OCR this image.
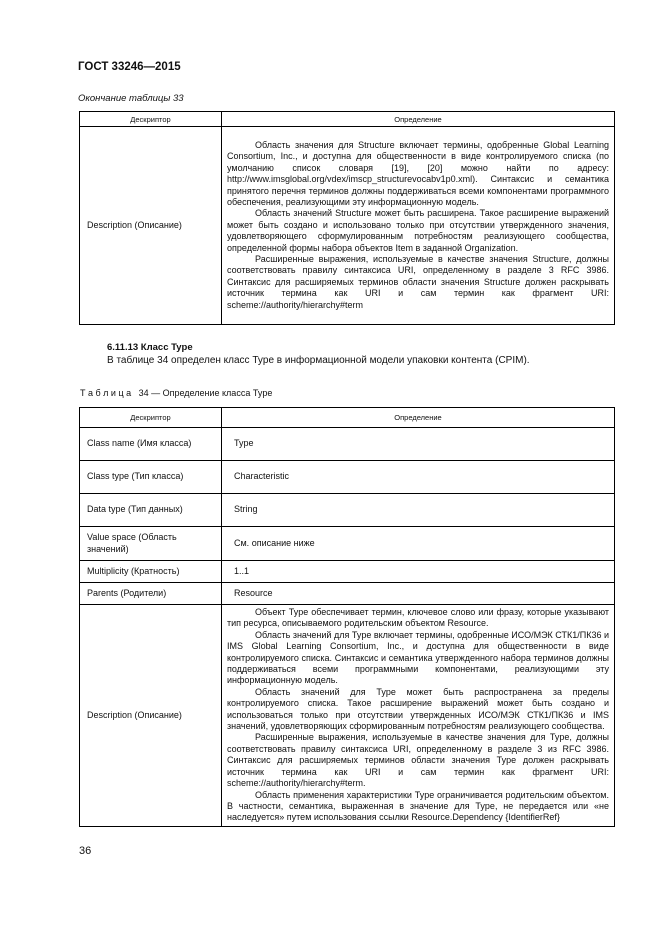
ГОСТ 33246—2015
Окончание таблицы 33
Дескриптор	Определение
Description (Описание)	Область значения для Structure включает термины, одобренные Global Learning Consortium, Inc., и доступна для общественности в виде контролируемого списка (по умолчанию список словаря [19], [20] можно найти по адресу: http://www.imsglobal.org/vdex/imscp_structurevocabv1p0.xml). Синтаксис и семантика принятого перечня терминов должны поддерживаться всеми компонентами программного обеспечения, реализующими эту информационную модель.

Область значений Structure может быть расширена. Такое расширение выражений может быть создано и использовано только при отсутствии утвержденного значения, удовлетворяющего сформулированным потребностям реализующего сообщества, определенной формы набора объектов Item в заданной Organization.

Расширенные выражения, используемые в качестве значения Structure, должны соответствовать правилу синтаксиса URI, определенному в разделе 3 RFC 3986. Синтаксис для расширяемых терминов области значения Structure должен раскрывать источник термина как URI и сам термин как фрагмент URI: scheme://authority/hierarchy#term

6.11.13 Класс Type
В таблице 34 определен класс Type в информационной модели упаковки контента (CPIM).
Т а б л и ц а   34 — Определение класса Type
Дескриптор	Определение
Class name (Имя класса)	Type
Class type (Тип класса)	Characteristic
Data type (Тип данных)	String
Value space (Область значений)	См. описание ниже
Multiplicity (Кратность)	1..1
Parents (Родители)	Resource
Description (Описание)	Объект Type обеспечивает термин, ключевое слово или фразу, которые указывают тип ресурса, описываемого родительским объектом Resource.

Область значений для Type включает термины, одобренные ИСО/МЭК СТК1/ПК36 и IMS Global Learning Consortium, Inc., и доступна для общественности в виде контролируемого списка. Синтаксис и семантика утвержденного набора терминов должны поддерживаться всеми программными компонентами, реализующими эту информационную модель.

Область значений для Type может быть распространена за пределы контролируемого списка. Такое расширение выражений может быть создано и использоваться только при отсутствии утвержденных ИСО/МЭК СТК1/ПК36 и IMS значений, удовлетворяющих сформированным потребностям реализующего сообщества.

Расширенные выражения, используемые в качестве значения для Type, должны соответствовать правилу синтаксиса URI, определенному в разделе 3 из RFC 3986. Синтаксис для расширяемых терминов области значения Type должен раскрывать источник термина как URI и сам термин как фрагмент URI: scheme://authority/hierarchy#term.

Область применения характеристики Type ограничивается родительским объектом. В частности, семантика, выраженная в значение для Type, не передается или «не наследуется» путем использования ссылки Resource.Dependency {IdentifierRef}

36
